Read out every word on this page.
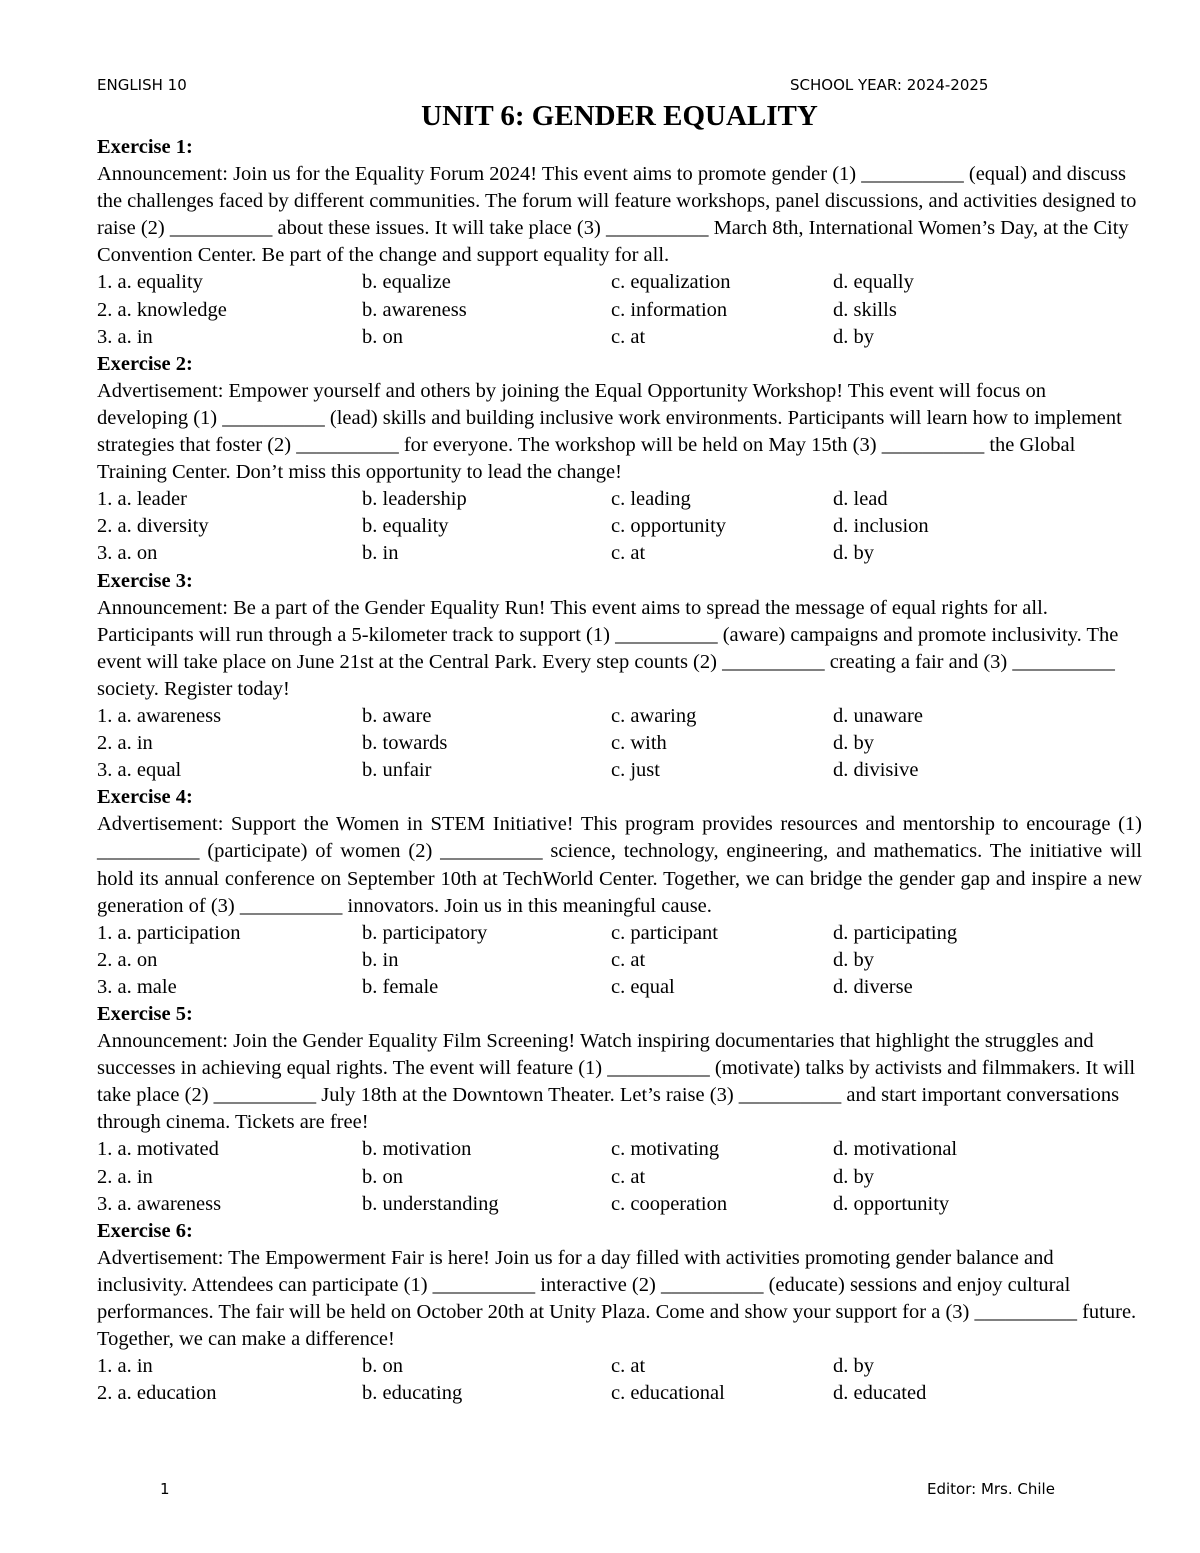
ENGLISH 10	SCHOOL YEAR: 2024-2025
UNIT 6: GENDER EQUALITY

Exercise 1:

Announcement: Join us for the Equality Forum 2024! This event aims to promote gender (1) __________ (equal) and discuss the challenges faced by different communities. The forum will feature workshops, panel discussions, and activities designed to raise (2) __________ about these issues. It will take place (3) __________ March 8th, International Women’s Day, at the City Convention Center. Be part of the change and support equality for all.

1. a. equality	b. equalize	c. equalization	d. equally
2. a. knowledge	b. awareness	c. information	d. skills
3. a. in	b. on	c. at	d. by

Exercise 2:

Advertisement: Empower yourself and others by joining the Equal Opportunity Workshop! This event will focus on developing (1) __________ (lead) skills and building inclusive work environments. Participants will learn how to implement strategies that foster (2) __________ for everyone. The workshop will be held on May 15th (3) __________ the Global Training Center. Don’t miss this opportunity to lead the change!

1. a. leader	b. leadership	c. leading	d. lead
2. a. diversity	b. equality	c. opportunity	d. inclusion
3. a. on	b. in	c. at	d. by

Exercise 3:

Announcement: Be a part of the Gender Equality Run! This event aims to spread the message of equal rights for all. Participants will run through a 5-kilometer track to support (1) __________ (aware) campaigns and promote inclusivity. The event will take place on June 21st at the Central Park. Every step counts (2) __________ creating a fair and (3) __________ society. Register today!

1. a. awareness	b. aware	c. awaring	d. unaware
2. a. in	b. towards	c. with	d. by
3. a. equal	b. unfair	c. just	d. divisive

Exercise 4:

Advertisement: Support the Women in STEM Initiative! This program provides resources and mentorship to encourage (1) __________ (participate) of women (2) __________ science, technology, engineering, and mathematics. The initiative will hold its annual conference on September 10th at TechWorld Center. Together, we can bridge the gender gap and inspire a new generation of (3) __________ innovators. Join us in this meaningful cause.

1. a. participation	b. participatory	c. participant	d. participating
2. a. on	b. in	c. at	d. by
3. a. male	b. female	c. equal	d. diverse

Exercise 5:

Announcement: Join the Gender Equality Film Screening! Watch inspiring documentaries that highlight the struggles and successes in achieving equal rights. The event will feature (1) __________ (motivate) talks by activists and filmmakers. It will take place (2) __________ July 18th at the Downtown Theater. Let’s raise (3) __________ and start important conversations through cinema. Tickets are free!

1. a. motivated	b. motivation	c. motivating	d. motivational
2. a. in	b. on	c. at	d. by
3. a. awareness	b. understanding	c. cooperation	d. opportunity

Exercise 6:

Advertisement: The Empowerment Fair is here! Join us for a day filled with activities promoting gender balance and inclusivity. Attendees can participate (1) __________ interactive (2) __________ (educate) sessions and enjoy cultural performances. The fair will be held on October 20th at Unity Plaza. Come and show your support for a (3) __________ future. Together, we can make a difference!

1. a. in	b. on	c. at	d. by
2. a. education	b. educating	c. educational	d. educated
1	Editor: Mrs. Chile
